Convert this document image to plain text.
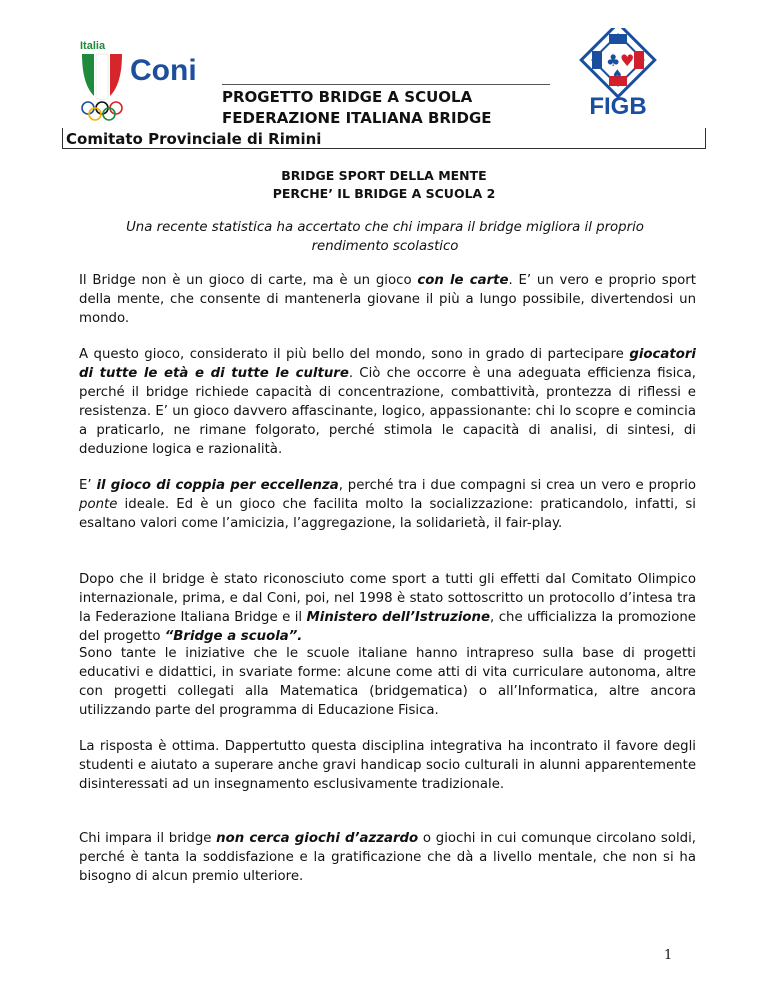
Italia
Coni	♣ ♥
♠
FIGB
PROGETTO BRIDGE A SCUOLA
FEDERAZIONE ITALIANA BRIDGE
Comitato Provinciale di Rimini
BRIDGE SPORT DELLA MENTE
PERCHE’ IL BRIDGE A SCUOLA 2
Una recente statistica ha accertato che chi impara il bridge migliora il proprio rendimento scolastico
Il Bridge non è un gioco di carte, ma è un gioco con le carte. E’ un vero e proprio sport della mente, che consente di mantenerla giovane il più a lungo possibile, divertendosi un mondo.
A questo gioco, considerato il più bello del mondo, sono in grado di partecipare giocatori di tutte le età e di tutte le culture. Ciò che occorre è una adeguata efficienza fisica, perché il bridge richiede capacità di concentrazione, combattività, prontezza di riflessi e resistenza. E’ un gioco davvero affascinante, logico, appassionante: chi lo scopre e comincia a praticarlo, ne rimane folgorato, perché stimola le capacità di analisi, di sintesi, di deduzione logica e razionalità.
E’ il gioco di coppia per eccellenza, perché tra i due compagni si crea un vero e proprio ponte ideale. Ed è un gioco che facilita molto la socializzazione: praticandolo, infatti, si esaltano valori come l’amicizia, l’aggregazione, la solidarietà, il fair-play.
Dopo che il bridge è stato riconosciuto come sport a tutti gli effetti dal Comitato Olimpico internazionale, prima, e dal Coni, poi, nel 1998 è stato sottoscritto un protocollo d’intesa tra la Federazione Italiana Bridge e il Ministero dell’Istruzione, che ufficializza la promozione del progetto “Bridge a scuola”.
Sono tante le iniziative che le scuole italiane hanno intrapreso sulla base di progetti educativi e didattici, in svariate forme: alcune come atti di vita curriculare autonoma, altre con progetti collegati alla Matematica (bridgematica) o all’Informatica, altre ancora utilizzando parte del programma di Educazione Fisica.
La risposta è ottima. Dappertutto questa disciplina integrativa ha incontrato il favore degli studenti e aiutato a superare anche gravi handicap socio culturali in alunni apparentemente disinteressati ad un insegnamento esclusivamente tradizionale.
Chi impara il bridge non cerca giochi d’azzardo o giochi in cui comunque circolano soldi, perché è tanta la soddisfazione e la gratificazione che dà a livello mentale, che non si ha bisogno di alcun premio ulteriore.
1
